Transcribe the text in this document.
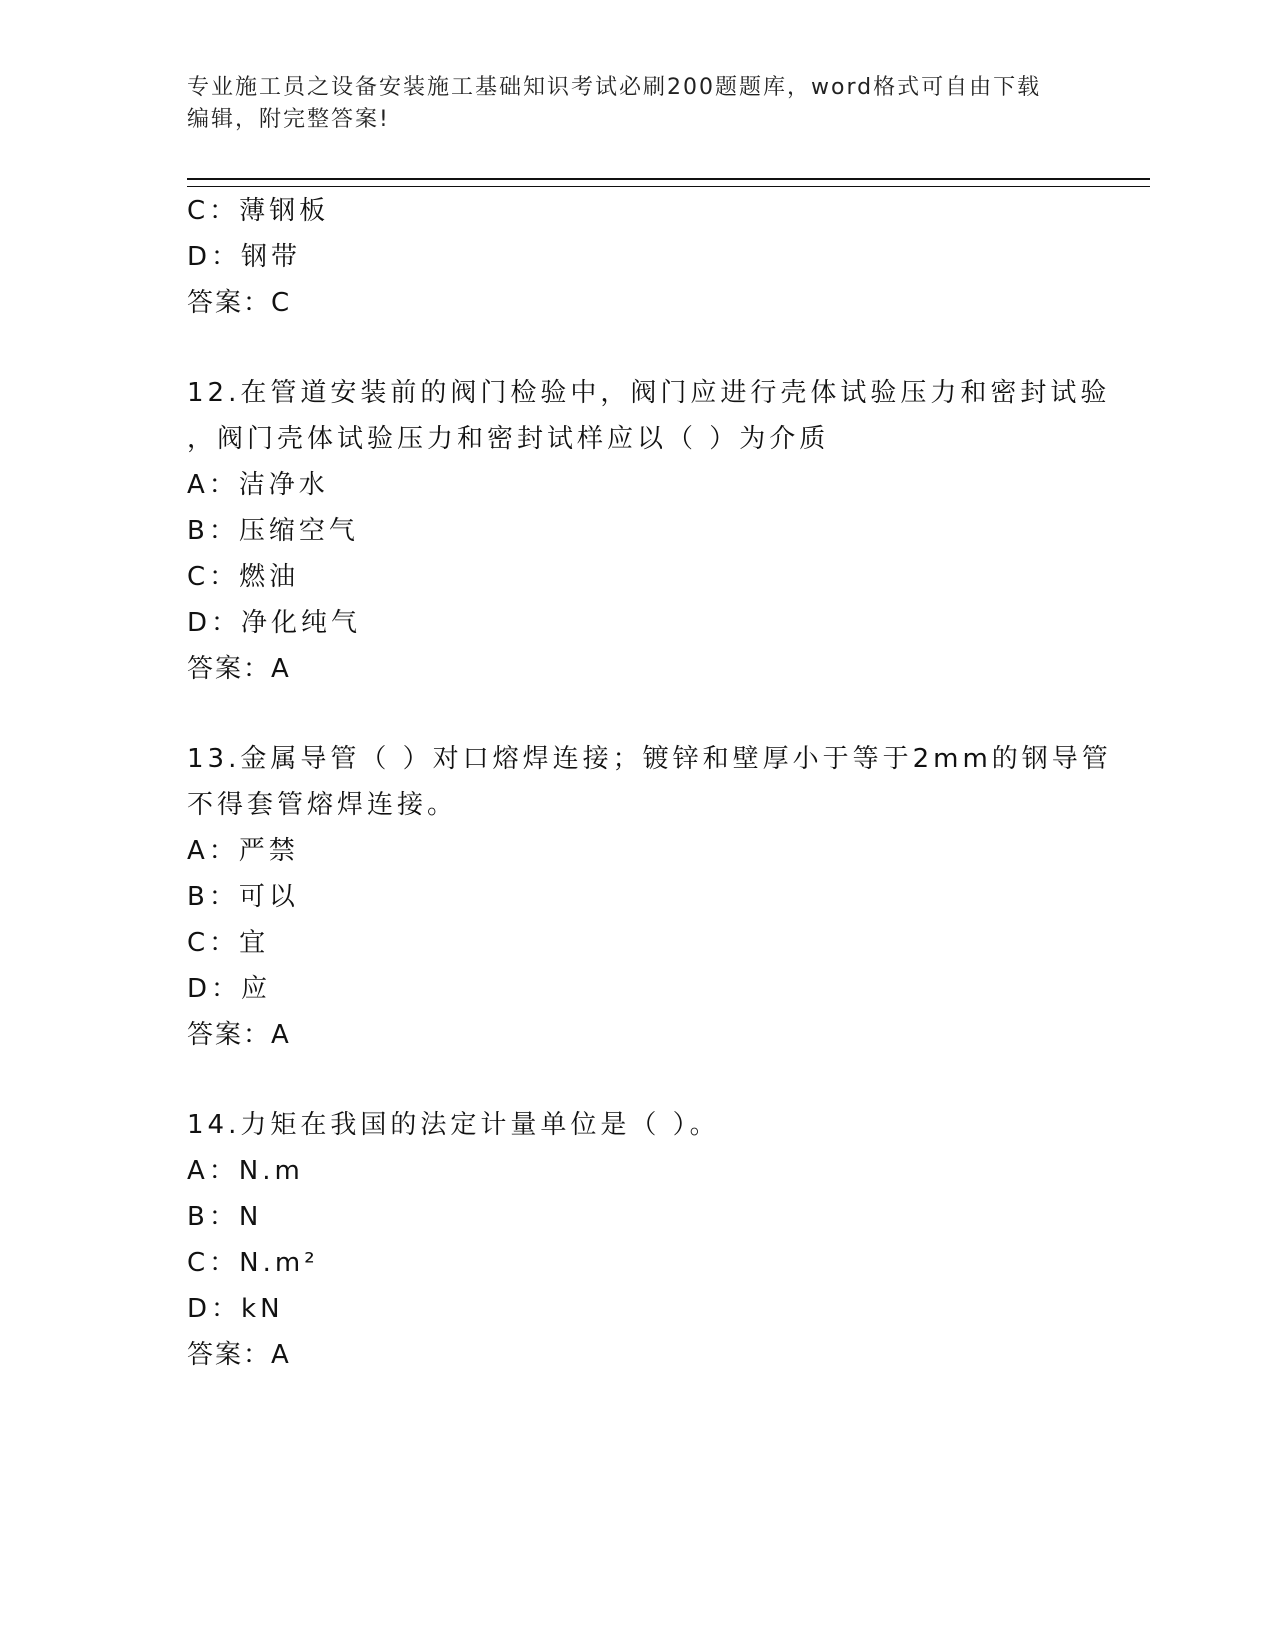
专业施工员之设备安装施工基础知识考试必刷200题题库，word格式可自由下载
编辑，附完整答案!
C：薄钢板
D：钢带
答案：C
12.在管道安装前的阀门检验中，阀门应进行壳体试验压力和密封试验
，阀门壳体试验压力和密封试样应以（ ）为介质
A：洁净水
B：压缩空气
C：燃油
D：净化纯气
答案：A
13.金属导管（ ）对口熔焊连接；镀锌和壁厚小于等于2mm的钢导管
不得套管熔焊连接。
A：严禁
B：可以
C：宜
D：应
答案：A
14.力矩在我国的法定计量单位是（ ）。
A：N.m
B：N
C：N.m²
D：kN
答案：A
